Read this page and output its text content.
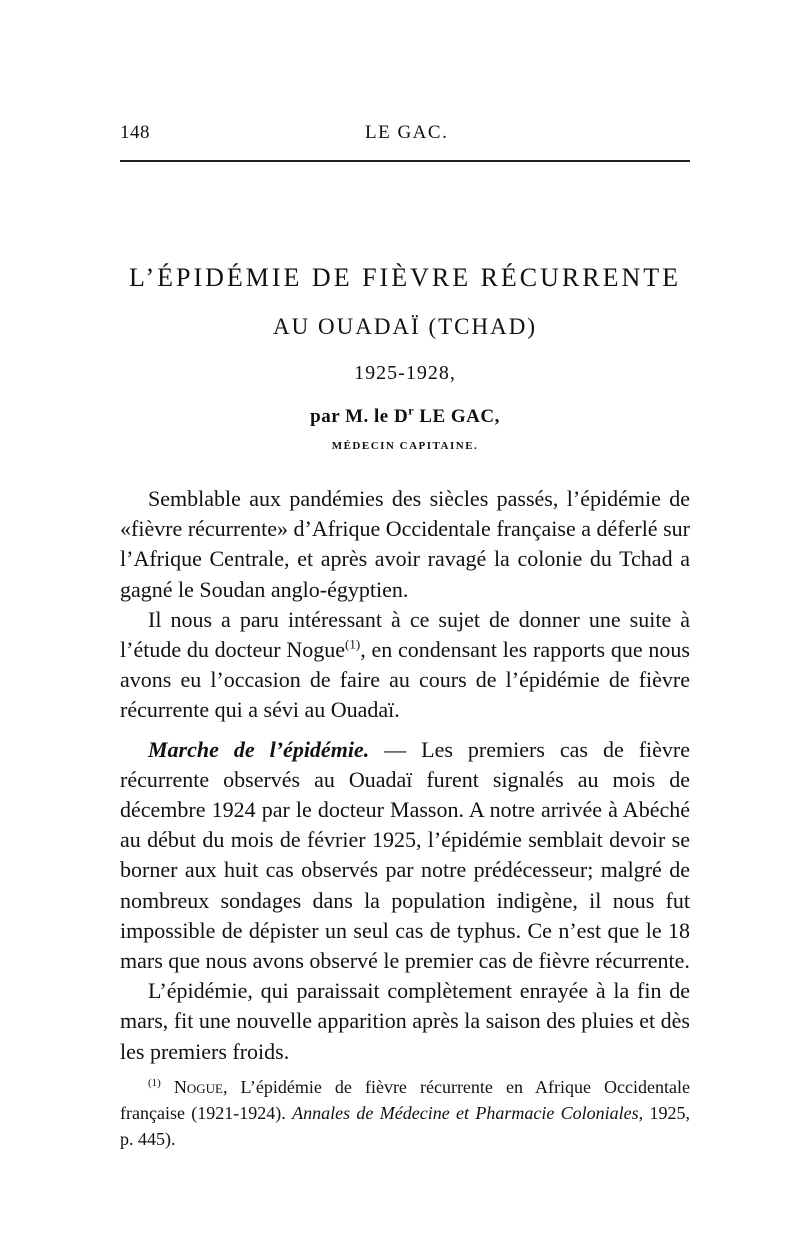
148	LE GAC.
L’ÉPIDÉMIE DE FIÈVRE RÉCURRENTE
AU OUADAÏ (TCHAD)
1925-1928,
par M. le $D^r$ LE GAC,
MÉDECIN CAPITAINE.

Semblable aux pandémies des siècles passés, l’épidémie de «fièvre récurrente» d’Afrique Occidentale française a déferlé sur l’Afrique Centrale, et après avoir ravagé la colonie du Tchad a gagné le Soudan anglo-égyptien.

Il nous a paru intéressant à ce sujet de donner une suite à l’étude du docteur Nogue$^{(1)}$, en condensant les rapports que nous avons eu l’occasion de faire au cours de l’épidémie de fièvre récurrente qui a sévi au Ouadaï.

Marche de l’épidémie. — Les premiers cas de fièvre récurrente observés au Ouadaï furent signalés au mois de décembre 1924 par le docteur Masson. A notre arrivée à Abéché au début du mois de février 1925, l’épidémie semblait devoir se borner aux huit cas observés par notre prédécesseur; malgré de nombreux sondages dans la population indigène, il nous fut impossible de dépister un seul cas de typhus. Ce n’est que le 18 mars que nous avons observé le premier cas de fièvre récurrente.

L’épidémie, qui paraissait complètement enrayée à la fin de mars, fit une nouvelle apparition après la saison des pluies et dès les premiers froids.

$^{(1)}$ Nogue, L’épidémie de fièvre récurrente en Afrique Occidentale française (1921-1924). Annales de Médecine et Pharmacie Coloniales, 1925, p. 445).
